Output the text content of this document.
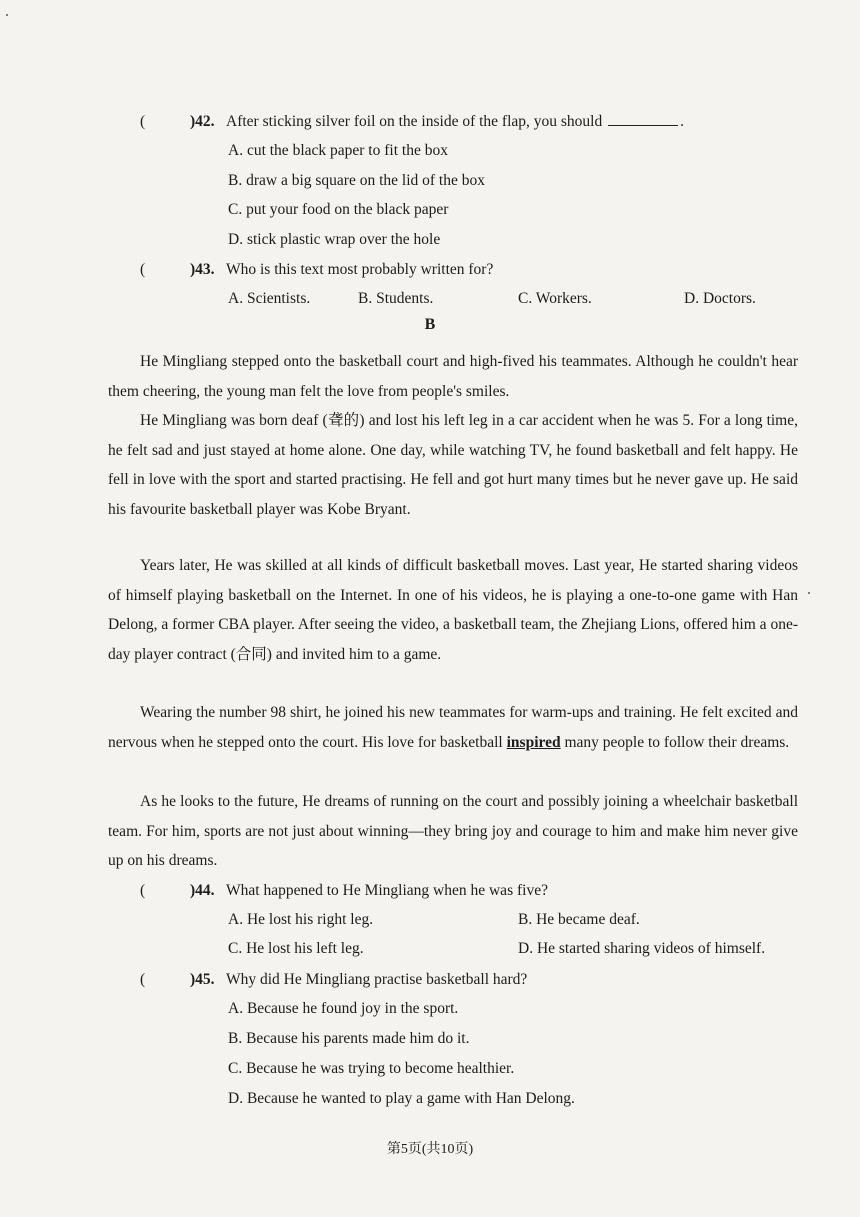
(	)42. After sticking silver foil on the inside of the flap, you should	.
A. cut the black paper to fit the box
B. draw a big square on the lid of the box
C. put your food on the black paper
D. stick plastic wrap over the hole
(	)43. Who is this text most probably written for?
A. Scientists.	B. Students.	C. Workers.	D. Doctors.
B
He Mingliang stepped onto the basketball court and high-fived his teammates. Although he couldn't hear them cheering, the young man felt the love from people's smiles.
He Mingliang was born deaf (聋的) and lost his left leg in a car accident when he was 5. For a long time, he felt sad and just stayed at home alone. One day, while watching TV, he found basketball and felt happy. He fell in love with the sport and started practising. He fell and got hurt many times but he never gave up. He said his favourite basketball player was Kobe Bryant.
Years later, He was skilled at all kinds of difficult basketball moves. Last year, He started sharing videos of himself playing basketball on the Internet. In one of his videos, he is playing a one-to-one game with Han Delong, a former CBA player. After seeing the video, a basketball team, the Zhejiang Lions, offered him a one-day player contract (合同) and invited him to a game.
Wearing the number 98 shirt, he joined his new teammates for warm-ups and training. He felt excited and nervous when he stepped onto the court. His love for basketball inspired many people to follow their dreams.
As he looks to the future, He dreams of running on the court and possibly joining a wheelchair basketball team. For him, sports are not just about winning—they bring joy and courage to him and make him never give up on his dreams.
(	)44. What happened to He Mingliang when he was five?
A. He lost his right leg.	B. He became deaf.
C. He lost his left leg.	D. He started sharing videos of himself.
(	)45. Why did He Mingliang practise basketball hard?
A. Because he found joy in the sport.
B. Because his parents made him do it.
C. Because he was trying to become healthier.
D. Because he wanted to play a game with Han Delong.
第5页(共10页)
